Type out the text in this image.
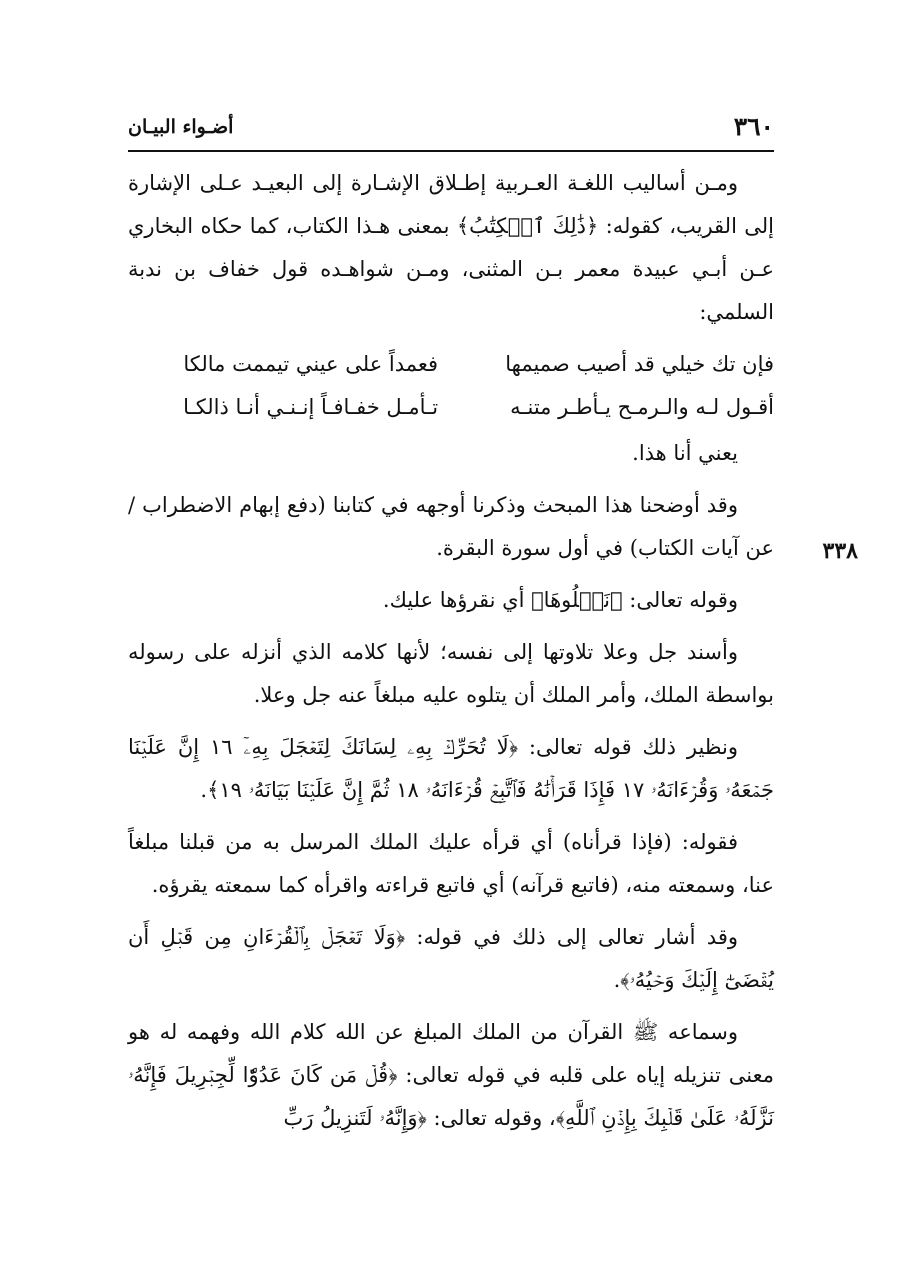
٣٦٠
أضـواء البيـان
٣٣٨

ومـن أساليب اللغـة العـربية إطـلاق الإشـارة إلى البعيـد عـلى الإشارة إلى القريب، كقوله: ﴿ذَٰلِكَ ٱلۡكِتَٰبُ﴾ بمعنى هـذا الكتاب، كما حكاه البخاري عـن أبـي عبيدة معمر بـن المثنى، ومـن شواهـده قول خفاف بن ندبة السلمي:

فإن تك خيلي قد أصيب صميمها
فعمداً على عيني تيممت مالكا
أقـول لـه والـرمـح يـأطـر متنـه
تـأمـل خفـافـاً إنـنـي أنـا ذالكـا

يعني أنا هذا.

وقد أوضحنا هذا المبحث وذكرنا أوجهه في كتابنا (دفع إبهام الاضطراب / عن آيات الكتاب) في أول سورة البقرة.

وقوله تعالى: ﴿نَتۡلُوهَا﴾ أي نقرؤها عليك.

وأسند جل وعلا تلاوتها إلى نفسه؛ لأنها كلامه الذي أنزله على رسوله بواسطة الملك، وأمر الملك أن يتلوه عليه مبلغاً عنه جل وعلا.

ونظير ذلك قوله تعالى: ﴿لَا تُحَرِّكۡ بِهِۦ لِسَانَكَ لِتَعۡجَلَ بِهِۦٓ ١٦ إِنَّ عَلَيۡنَا جَمۡعَهُۥ وَقُرۡءَانَهُۥ ١٧ فَإِذَا قَرَأۡنَٰهُ فَٱتَّبِعۡ قُرۡءَانَهُۥ ١٨ ثُمَّ إِنَّ عَلَيۡنَا بَيَانَهُۥ ١٩﴾.

فقوله: (فإذا قرأناه) أي قرأه عليك الملك المرسل به من قبلنا مبلغاً عنا، وسمعته منه، (فاتبع قرآنه) أي فاتبع قراءته واقرأه كما سمعته يقرؤه.

وقد أشار تعالى إلى ذلك في قوله: ﴿وَلَا تَعۡجَلۡ بِٱلۡقُرۡءَانِ مِن قَبۡلِ أَن يُقۡضَىٰٓ إِلَيۡكَ وَحۡيُهُۥ﴾.

وسماعه ﷺ القرآن من الملك المبلغ عن الله كلام الله وفهمه له هو معنى تنزيله إياه على قلبه في قوله تعالى: ﴿قُلۡ مَن كَانَ عَدُوّٗا لِّجِبۡرِيلَ فَإِنَّهُۥ نَزَّلَهُۥ عَلَىٰ قَلۡبِكَ بِإِذۡنِ ٱللَّهِ﴾، وقوله تعالى: ﴿وَإِنَّهُۥ لَتَنزِيلُ رَبِّ
